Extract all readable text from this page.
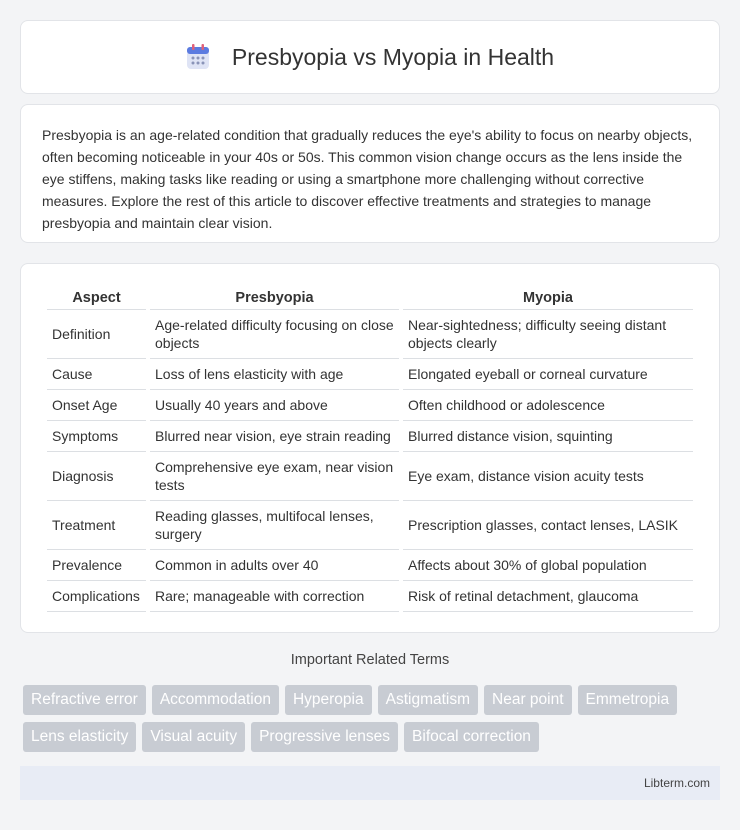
Presbyopia vs Myopia in Health

Presbyopia is an age-related condition that gradually reduces the eye's ability to focus on nearby objects, often becoming noticeable in your 40s or 50s. This common vision change occurs as the lens inside the eye stiffens, making tasks like reading or using a smartphone more challenging without corrective measures. Explore the rest of this article to discover effective treatments and strategies to manage presbyopia and maintain clear vision.

Aspect	Presbyopia	Myopia
Definition	Age-related difficulty focusing on close objects	Near-sightedness; difficulty seeing distant objects clearly
Cause	Loss of lens elasticity with age	Elongated eyeball or corneal curvature
Onset Age	Usually 40 years and above	Often childhood or adolescence
Symptoms	Blurred near vision, eye strain reading	Blurred distance vision, squinting
Diagnosis	Comprehensive eye exam, near vision tests	Eye exam, distance vision acuity tests
Treatment	Reading glasses, multifocal lenses, surgery	Prescription glasses, contact lenses, LASIK
Prevalence	Common in adults over 40	Affects about 30% of global population
Complications	Rare; manageable with correction	Risk of retinal detachment, glaucoma
Important Related Terms
Refractive error	Accommodation	Hyperopia	Astigmatism	Near point	Emmetropia
Lens elasticity	Visual acuity	Progressive lenses	Bifocal correction
Libterm.com
